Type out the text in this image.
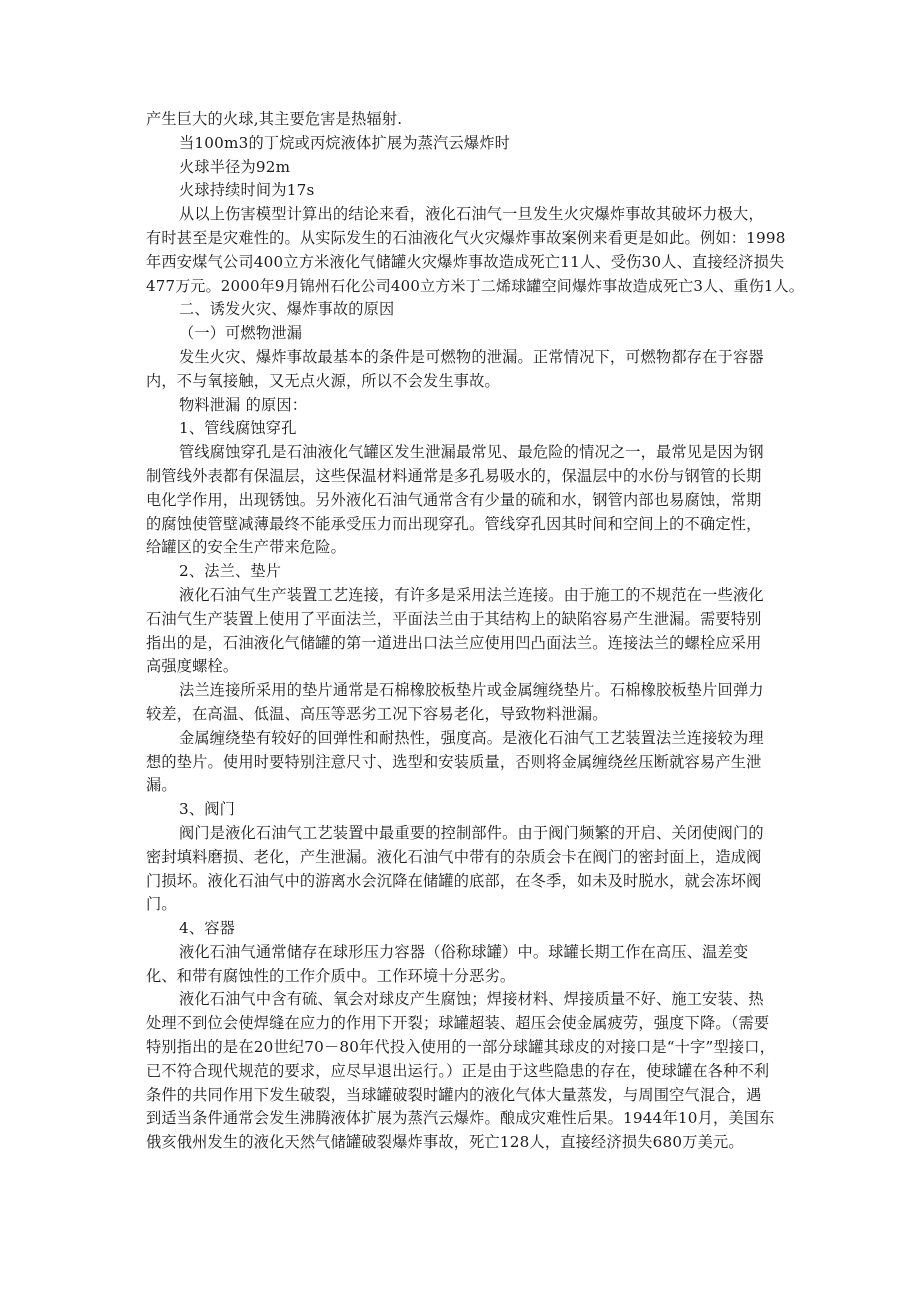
产生巨大的火球,其主要危害是热辐射.

当100m3的丁烷或丙烷液体扩展为蒸汽云爆炸时

火球半径为92m

火球持续时间为17s

从以上伤害模型计算出的结论来看，液化石油气一旦发生火灾爆炸事故其破坏力极大，

有时甚至是灾难性的。从实际发生的石油液化气火灾爆炸事故案例来看更是如此。例如：1998

年西安煤气公司400立方米液化气储罐火灾爆炸事故造成死亡11人、受伤30人、直接经济损失

477万元。2000年9月锦州石化公司400立方米丁二烯球罐空间爆炸事故造成死亡3人、重伤1人。

二、诱发火灾、爆炸事故的原因

（一）可燃物泄漏

发生火灾、爆炸事故最基本的条件是可燃物的泄漏。正常情况下，可燃物都存在于容器

内，不与氧接触，又无点火源，所以不会发生事故。

物料泄漏 的原因：

1、管线腐蚀穿孔

管线腐蚀穿孔是石油液化气罐区发生泄漏最常见、最危险的情况之一，最常见是因为钢

制管线外表都有保温层，这些保温材料通常是多孔易吸水的，保温层中的水份与钢管的长期

电化学作用，出现锈蚀。另外液化石油气通常含有少量的硫和水，钢管内部也易腐蚀，常期

的腐蚀使管壁减薄最终不能承受压力而出现穿孔。管线穿孔因其时间和空间上的不确定性，

给罐区的安全生产带来危险。

2、法兰、垫片

液化石油气生产装置工艺连接，有许多是采用法兰连接。由于施工的不规范在一些液化

石油气生产装置上使用了平面法兰，平面法兰由于其结构上的缺陷容易产生泄漏。需要特别

指出的是，石油液化气储罐的第一道进出口法兰应使用凹凸面法兰。连接法兰的螺栓应采用

高强度螺栓。

法兰连接所采用的垫片通常是石棉橡胶板垫片或金属缠绕垫片。石棉橡胶板垫片回弹力

较差，在高温、低温、高压等恶劣工况下容易老化，导致物料泄漏。

金属缠绕垫有较好的回弹性和耐热性，强度高。是液化石油气工艺装置法兰连接较为理

想的垫片。使用时要特别注意尺寸、选型和安装质量，否则将金属缠绕丝压断就容易产生泄

漏。

3、阀门

阀门是液化石油气工艺装置中最重要的控制部件。由于阀门频繁的开启、关闭使阀门的

密封填料磨损、老化，产生泄漏。液化石油气中带有的杂质会卡在阀门的密封面上，造成阀

门损坏。液化石油气中的游离水会沉降在储罐的底部，在冬季，如未及时脱水，就会冻坏阀

门。

4、容器

液化石油气通常储存在球形压力容器（俗称球罐）中。球罐长期工作在高压、温差变

化、和带有腐蚀性的工作介质中。工作环境十分恶劣。

液化石油气中含有硫、氧会对球皮产生腐蚀；焊接材料、焊接质量不好、施工安装、热

处理不到位会使焊缝在应力的作用下开裂；球罐超装、超压会使金属疲劳，强度下降。（需要

特别指出的是在20世纪70－80年代投入使用的一部分球罐其球皮的对接口是“十字”型接口，

已不符合现代规范的要求，应尽早退出运行。）正是由于这些隐患的存在，使球罐在各种不利

条件的共同作用下发生破裂，当球罐破裂时罐内的液化气体大量蒸发，与周围空气混合，遇

到适当条件通常会发生沸腾液体扩展为蒸汽云爆炸。酿成灾难性后果。1944年10月，美国东

俄亥俄州发生的液化天然气储罐破裂爆炸事故，死亡128人，直接经济损失680万美元。
